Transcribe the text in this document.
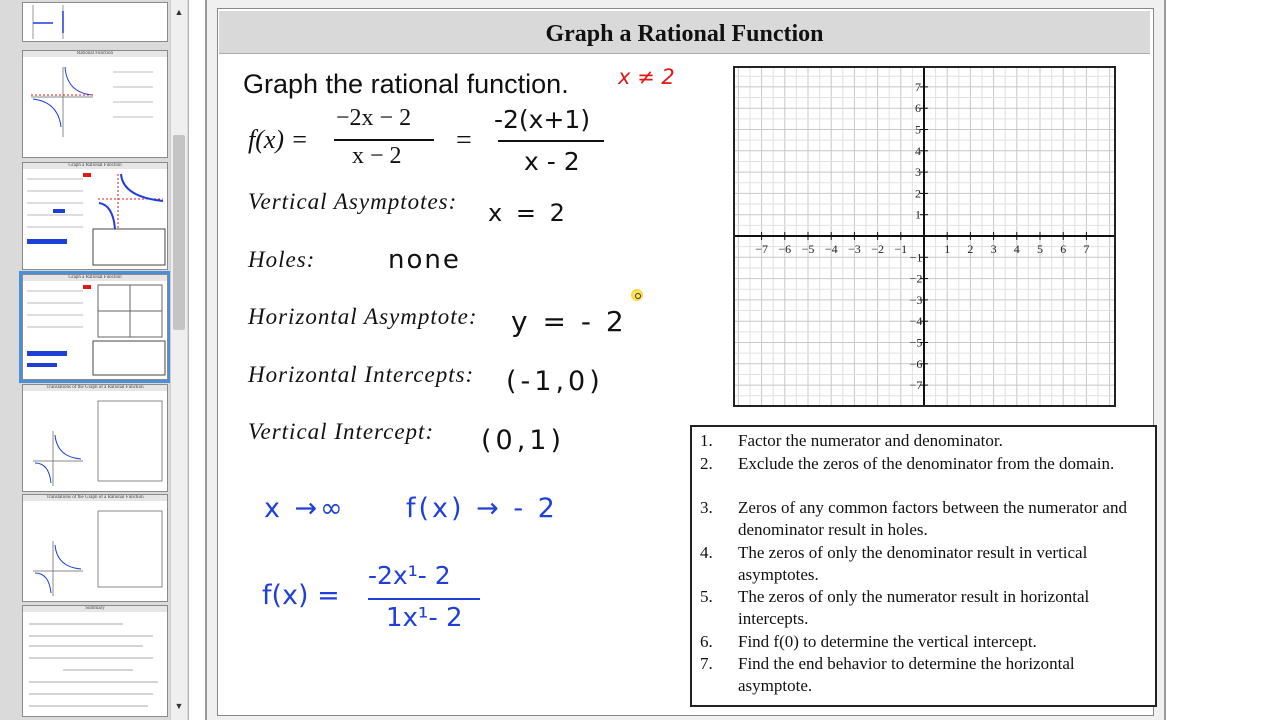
Rational Function
Graph a Rational Function
Graph a Rational Function
Translations of the Graph of a Rational Function
Translations of the Graph of a Rational Function
Summary
▲
▼
Graph a Rational Function
Graph the rational function. x ≠ 2
f(x) =
−2x − 2
x − 2 =
-2(x+1)
x - 2
Vertical Asymptotes: x = 2
Holes:	none
Horizontal Asymptote: y = - 2
Horizontal Intercepts: (-1,0)
Vertical Intercept: (0,1)
x →∞ f(x) → - 2
f(x) =
-2x¹- 2
1x¹- 2
−7 −6 −5 −4 −3 −2 −1	1 2 3 4 5 6 7
7
6
5
4
3
2
1
−1
−2
−3
−4
−5
−6
−7
1.	Factor the numerator and denominator.
2.	Exclude the zeros of the denominator from the domain.
3.	Zeros of any common factors between the numerator and denominator result in holes.
4.	The zeros of only the denominator result in vertical asymptotes.
5.	The zeros of only the numerator result in horizontal intercepts.
6.	Find f(0) to determine the vertical intercept.
7.	Find the end behavior to determine the horizontal asymptote.
